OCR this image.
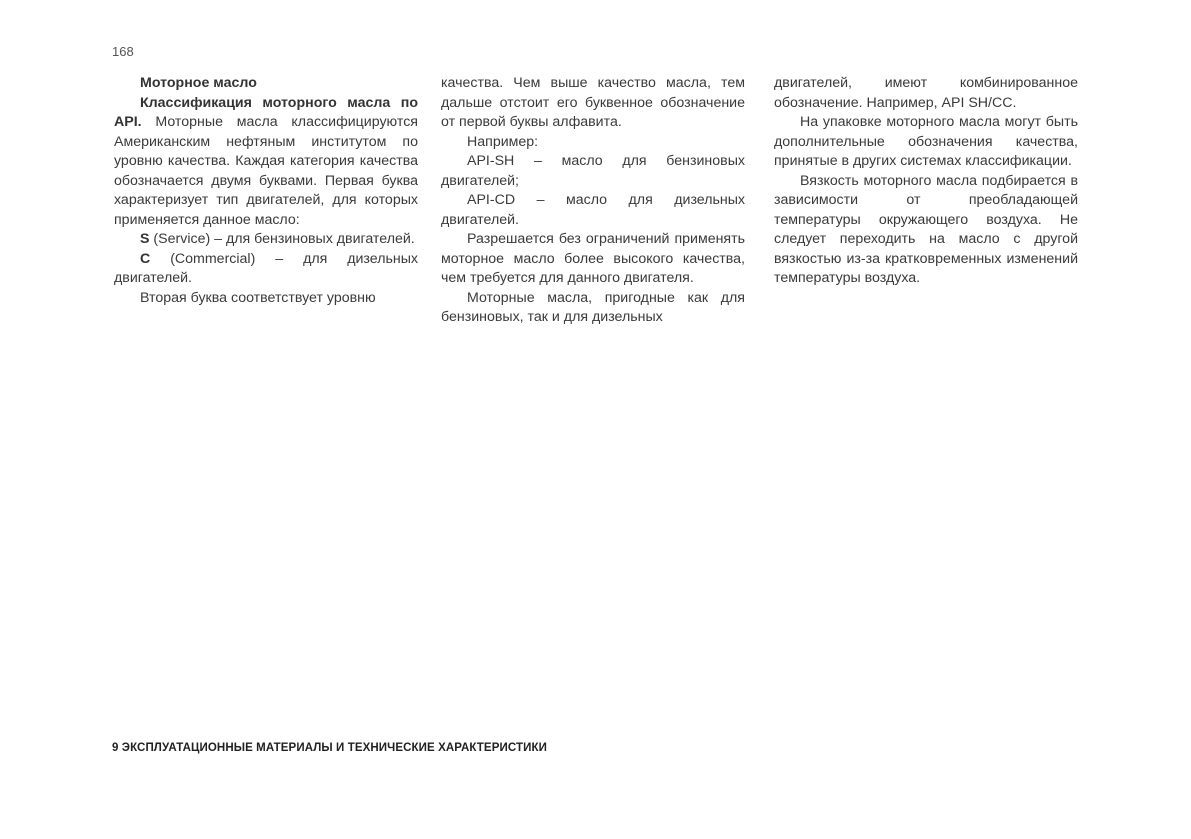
168

Моторное масло

Классификация моторного масла по API. Моторные масла классифицируются Американским нефтяным институтом по уровню качества. Каждая категория качества обозначается двумя буквами. Первая буква характеризует тип двигателей, для которых применяется данное масло:

S (Service) – для бензиновых двигателей.

C (Commercial) – для дизельных двигателей.

Вторая буква соответствует уровню

качества. Чем выше качество масла, тем дальше отстоит его буквенное обозначение от первой буквы алфавита.

Например:

API-SH – масло для бензиновых двигателей;

API-CD – масло для дизельных двигателей.

Разрешается без ограничений применять моторное масло более высокого качества, чем требуется для данного двигателя.

Моторные масла, пригодные как для бензиновых, так и для дизельных

двигателей, имеют комбинированное обозначение. Например, API SH/CC.

На упаковке моторного масла могут быть дополнительные обозначения качества, принятые в других системах классификации.

Вязкость моторного масла подбирается в зависимости от преобладающей температуры окружающего воздуха. Не следует переходить на масло с другой вязкостью из-за кратковременных изменений температуры воздуха.

9 ЭКСПЛУАТАЦИОННЫЕ МАТЕРИАЛЫ И ТЕХНИЧЕСКИЕ ХАРАКТЕРИСТИКИ
